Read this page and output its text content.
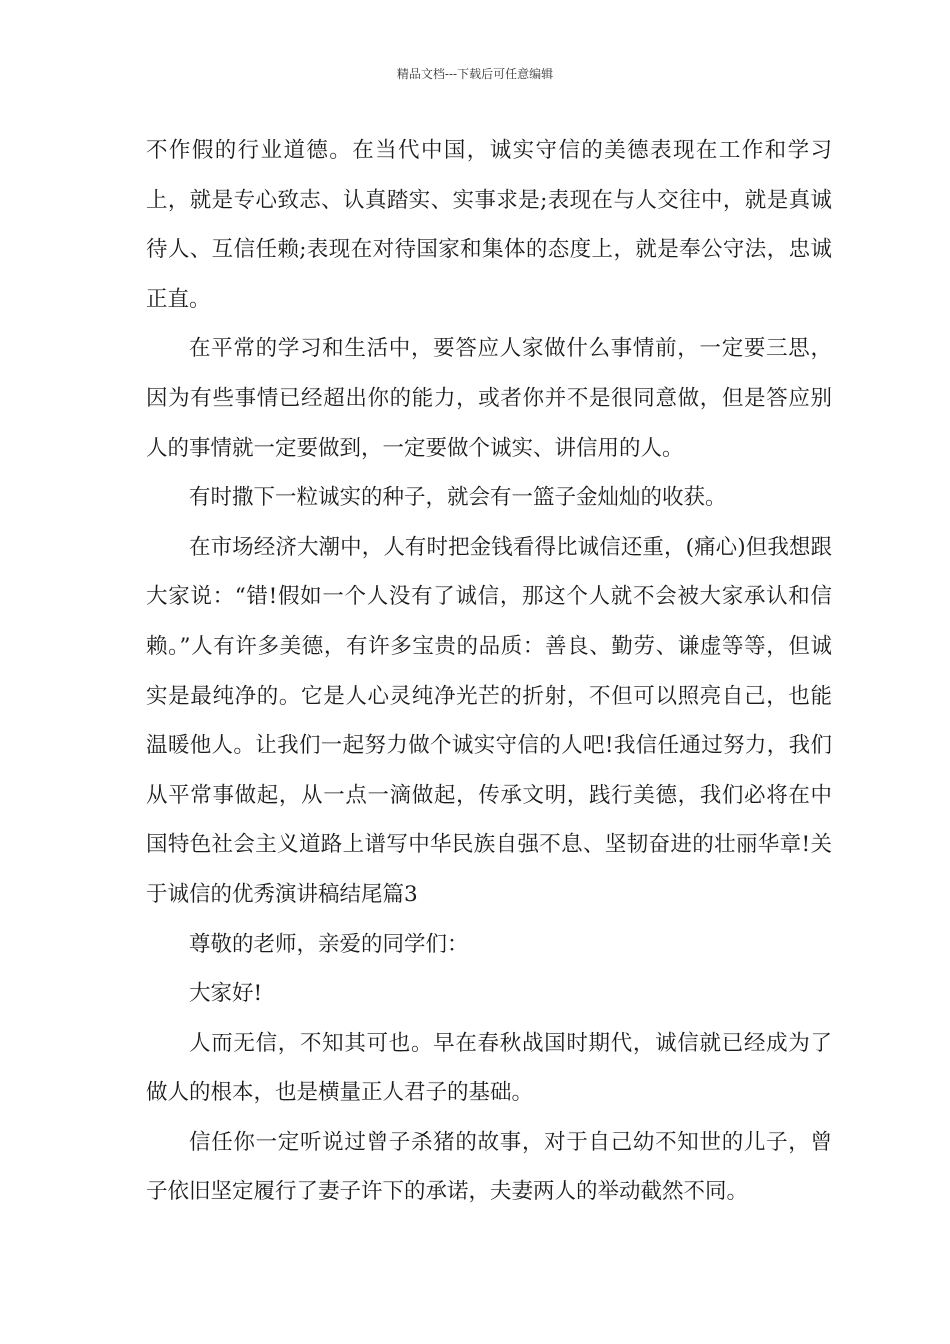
精品文档---下载后可任意编辑

不作假的行业道德。在当代中国，诚实守信的美德表现在工作和学习上，就是专心致志、认真踏实、实事求是;表现在与人交往中，就是真诚待人、互信任赖;表现在对待国家和集体的态度上，就是奉公守法，忠诚正直。

在平常的学习和生活中，要答应人家做什么事情前，一定要三思，因为有些事情已经超出你的能力，或者你并不是很同意做，但是答应别人的事情就一定要做到，一定要做个诚实、讲信用的人。

有时撒下一粒诚实的种子，就会有一篮子金灿灿的收获。

在市场经济大潮中，人有时把金钱看得比诚信还重，(痛心)但我想跟大家说：“错!假如一个人没有了诚信，那这个人就不会被大家承认和信赖。”人有许多美德，有许多宝贵的品质：善良、勤劳、谦虚等等，但诚实是最纯净的。它是人心灵纯净光芒的折射，不但可以照亮自己，也能温暖他人。让我们一起努力做个诚实守信的人吧!我信任通过努力，我们从平常事做起，从一点一滴做起，传承文明，践行美德，我们必将在中国特色社会主义道路上谱写中华民族自强不息、坚韧奋进的壮丽华章!关于诚信的优秀演讲稿结尾篇3

尊敬的老师，亲爱的同学们：

大家好!

人而无信，不知其可也。早在春秋战国时期代，诚信就已经成为了做人的根本，也是横量正人君子的基础。

信任你一定听说过曾子杀猪的故事，对于自己幼不知世的儿子，曾子依旧坚定履行了妻子许下的承诺，夫妻两人的举动截然不同。
